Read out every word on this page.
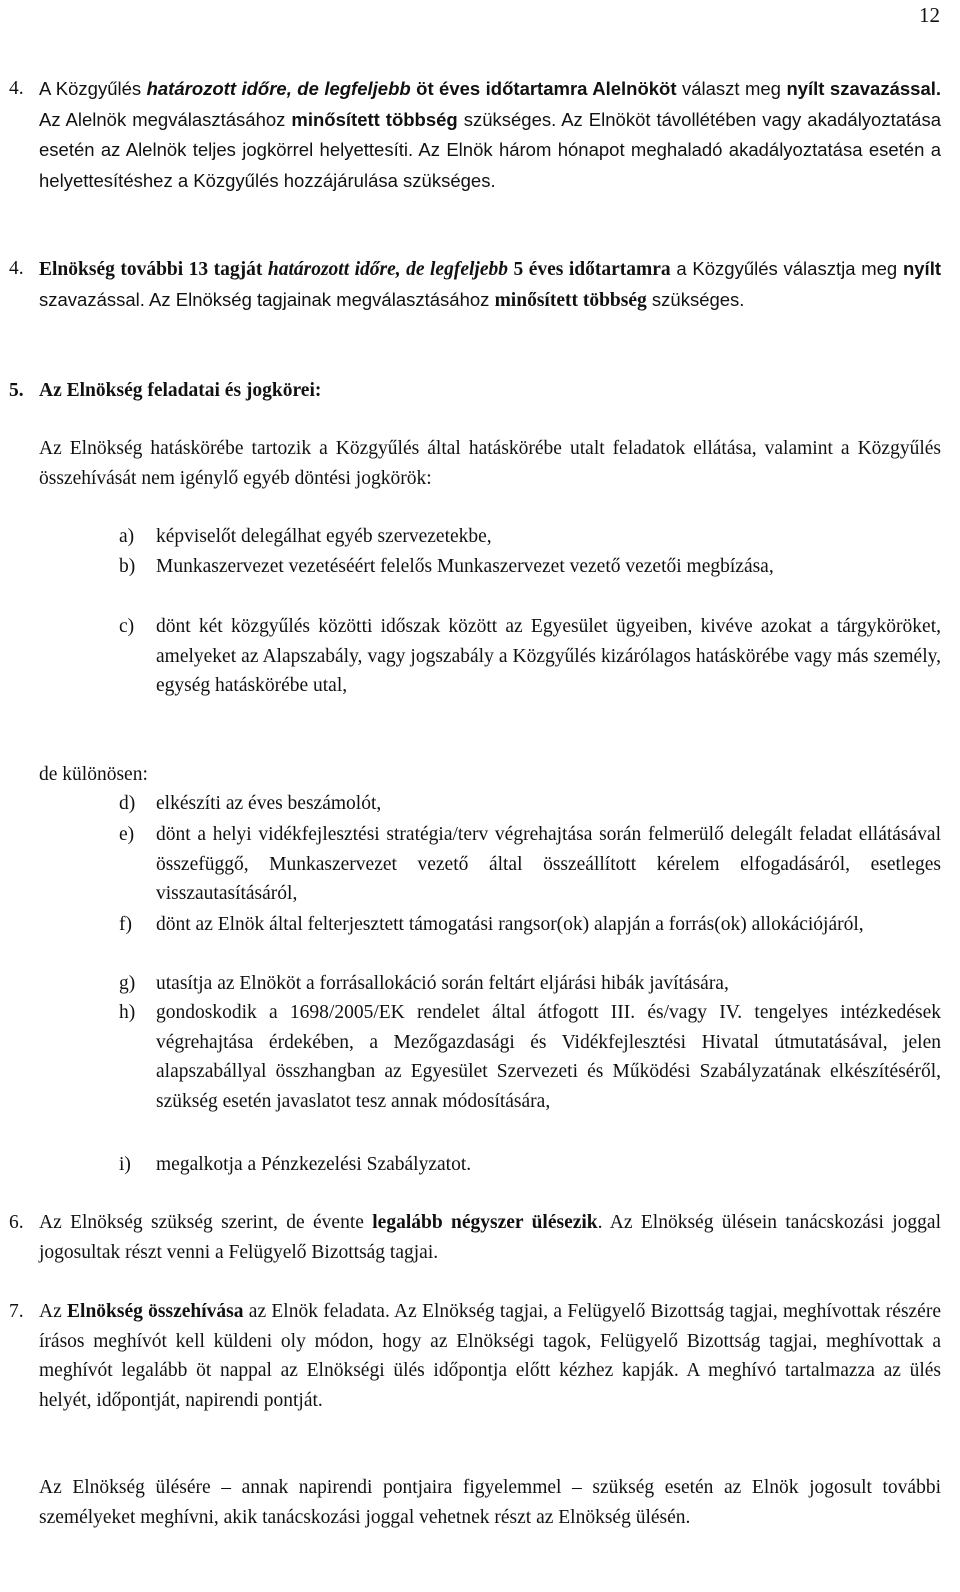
12
4. A Közgyűlés határozott időre, de legfeljebb öt éves időtartamra Alelnököt választ meg nyílt szavazással. Az Alelnök megválasztásához minősített többség szükséges. Az Elnököt távollétében vagy akadályoztatása esetén az Alelnök teljes jogkörrel helyettesíti. Az Elnök három hónapot meghaladó akadályoztatása esetén a helyettesítéshez a Közgyűlés hozzájárulása szükséges.
4. Elnökség további 13 tagját határozott időre, de legfeljebb 5 éves időtartamra a Közgyűlés választja meg nyílt szavazással. Az Elnökség tagjainak megválasztásához minősített többség szükséges.
5. Az Elnökség feladatai és jogkörei:
Az Elnökség hatáskörébe tartozik a Közgyűlés által hatáskörébe utalt feladatok ellátása, valamint a Közgyűlés összehívását nem igénylő egyéb döntési jogkörök:
a) képviselőt delegálhat egyéb szervezetekbe,
b) Munkaszervezet vezetéséért felelős Munkaszervezet vezető vezetői megbízása,
c) dönt két közgyűlés közötti időszak között az Egyesület ügyeiben, kivéve azokat a tárgyköröket, amelyeket az Alapszabály, vagy jogszabály a Közgyűlés kizárólagos hatáskörébe vagy más személy, egység hatáskörébe utal,
de különösen:
d) elkészíti az éves beszámolót,
e) dönt a helyi vidékfejlesztési stratégia/terv végrehajtása során felmerülő delegált feladat ellátásával összefüggő, Munkaszervezet vezető által összeállított kérelem elfogadásáról, esetleges visszautasításáról,
f) dönt az Elnök által felterjesztett támogatási rangsor(ok) alapján a forrás(ok) allokációjáról,
g) utasítja az Elnököt a forrásallokáció során feltárt eljárási hibák javítására,
h) gondoskodik a 1698/2005/EK rendelet által átfogott III. és/vagy IV. tengelyes intézkedések végrehajtása érdekében, a Mezőgazdasági és Vidékfejlesztési Hivatal útmutatásával, jelen alapszabállyal összhangban az Egyesület Szervezeti és Működési Szabályzatának elkészítéséről, szükség esetén javaslatot tesz annak módosítására,
i) megalkotja a Pénzkezelési Szabályzatot.
6. Az Elnökség szükség szerint, de évente legalább négyszer ülésezik. Az Elnökség ülésein tanácskozási joggal jogosultak részt venni a Felügyelő Bizottság tagjai.
7. Az Elnökség összehívása az Elnök feladata. Az Elnökség tagjai, a Felügyelő Bizottság tagjai, meghívottak részére írásos meghívót kell küldeni oly módon, hogy az Elnökségi tagok, Felügyelő Bizottság tagjai, meghívottak a meghívót legalább öt nappal az Elnökségi ülés időpontja előtt kézhez kapják. A meghívó tartalmazza az ülés helyét, időpontját, napirendi pontját.
Az Elnökség ülésére – annak napirendi pontjaira figyelemmel – szükség esetén az Elnök jogosult további személyeket meghívni, akik tanácskozási joggal vehetnek részt az Elnökség ülésén.
